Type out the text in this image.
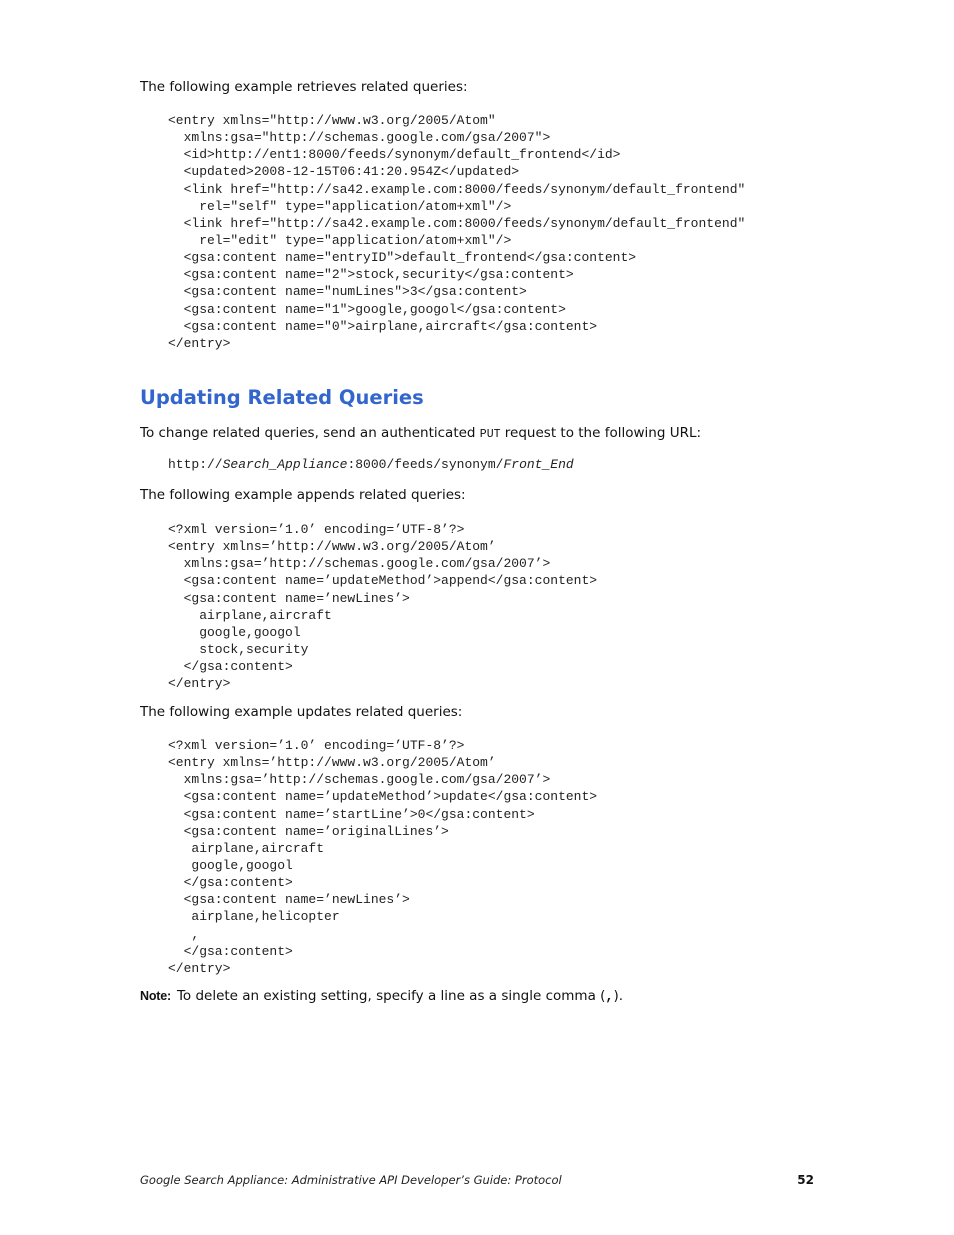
The following example retrieves related queries:
<entry xmlns="http://www.w3.org/2005/Atom"
xmlns:gsa="http://schemas.google.com/gsa/2007">
<id>http://ent1:8000/feeds/synonym/default_frontend</id>
<updated>2008-12-15T06:41:20.954Z</updated>
<link href="http://sa42.example.com:8000/feeds/synonym/default_frontend"
rel="self" type="application/atom+xml"/>
<link href="http://sa42.example.com:8000/feeds/synonym/default_frontend"
rel="edit" type="application/atom+xml"/>
<gsa:content name="entryID">default_frontend</gsa:content>
<gsa:content name="2">stock,security</gsa:content>
<gsa:content name="numLines">3</gsa:content>
<gsa:content name="1">google,googol</gsa:content>
<gsa:content name="0">airplane,aircraft</gsa:content>
</entry>
Updating Related Queries
To change related queries, send an authenticated PUT request to the following URL:
http://Search_Appliance:8000/feeds/synonym/Front_End
The following example appends related queries:
<?xml version=’1.0’ encoding=’UTF-8’?>
<entry xmlns=’http://www.w3.org/2005/Atom’
xmlns:gsa=’http://schemas.google.com/gsa/2007’>
<gsa:content name=’updateMethod’>append</gsa:content>
<gsa:content name=’newLines’>
airplane,aircraft
google,googol
stock,security
</gsa:content>
</entry>
The following example updates related queries:
<?xml version=’1.0’ encoding=’UTF-8’?>
<entry xmlns=’http://www.w3.org/2005/Atom’
xmlns:gsa=’http://schemas.google.com/gsa/2007’>
<gsa:content name=’updateMethod’>update</gsa:content>
<gsa:content name=’startLine’>0</gsa:content>
<gsa:content name=’originalLines’>
airplane,aircraft
google,googol
</gsa:content>
<gsa:content name=’newLines’>
airplane,helicopter
,
</gsa:content>
</entry>
Note: To delete an existing setting, specify a line as a single comma (,).
Google Search Appliance: Administrative API Developer’s Guide: Protocol	52
